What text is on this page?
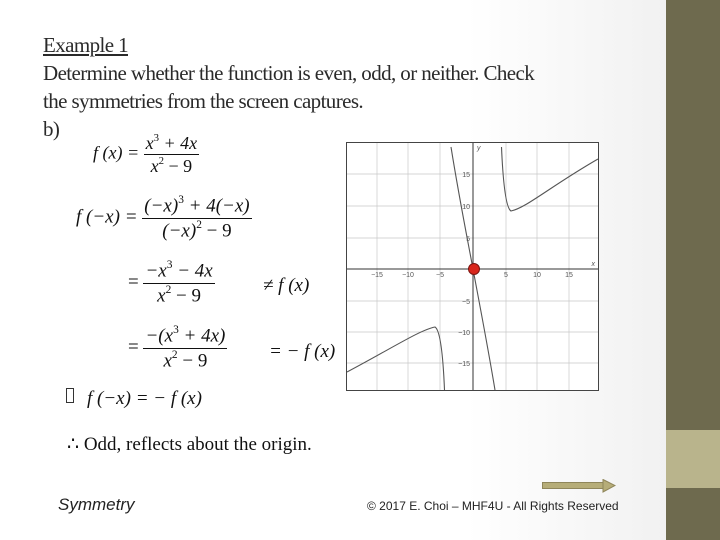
Example 1
Determine whether the function is even, odd, or neither. Check
the symmetries from the screen captures.
b)
f $(x) = \frac{x^3 + 4x}{x^2 - 9}$
f $(-x) = \frac{(-x)^3 + 4(-x)}{(-x)^2 - 9}$
= $\frac{-x^3 - 4x}{x^2 - 9}$	≠ f (x)
= $\frac{-(x^3 + 4x)}{x^2 - 9}$ = − f (x)
f (−x) = − f (x)
∴ Odd, reflects about the origin.
−15	−10	−5	5	10	15
15
10
5
−5
−10
−15
x
y
Symmetry	© 2017 E. Choi – MHF4U - All Rights Reserved
